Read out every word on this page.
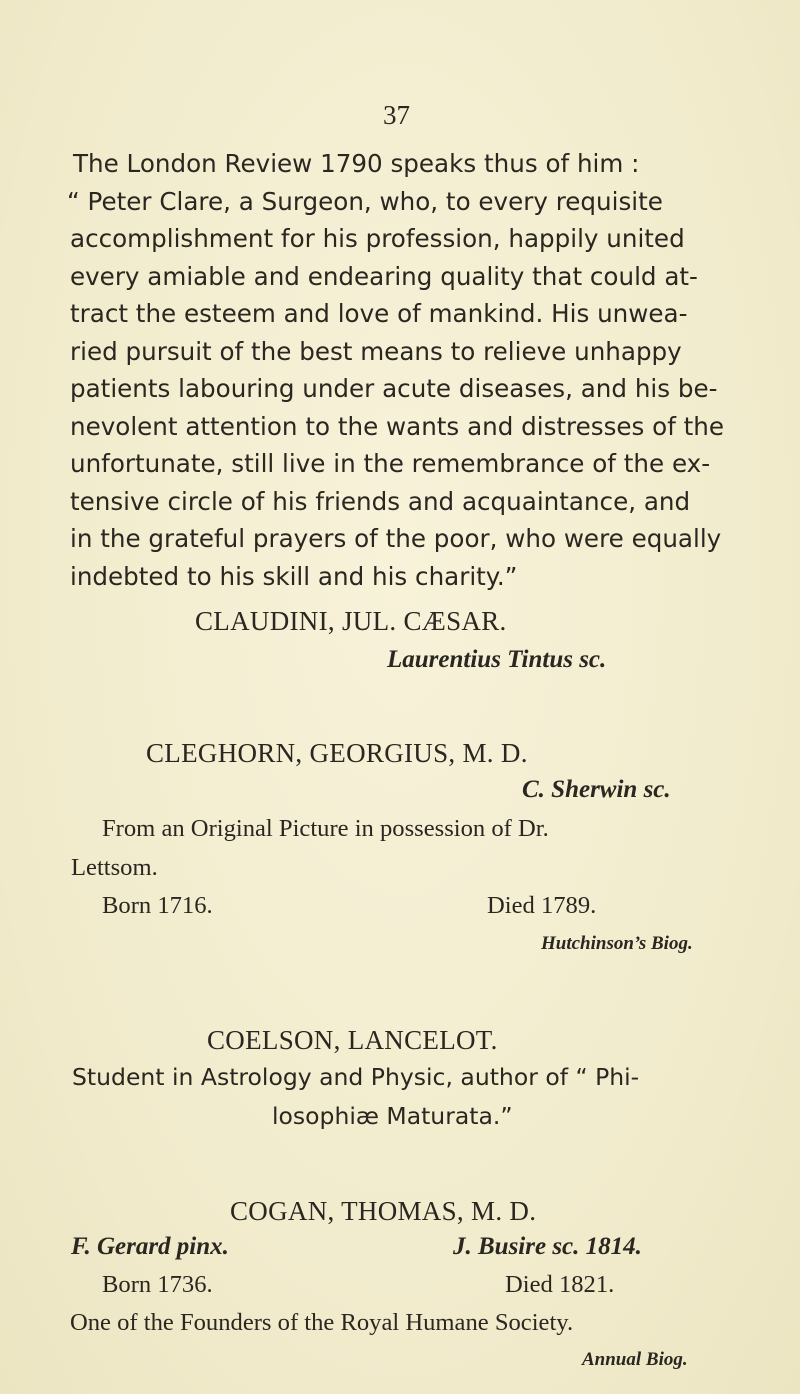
37
The London Review 1790 speaks thus of him :
“ Peter Clare, a Surgeon, who, to every requisite
accomplishment for his profession, happily united
every amiable and endearing quality that could at-
tract the esteem and love of mankind. His unwea-
ried pursuit of the best means to relieve unhappy
patients labouring under acute diseases, and his be-
nevolent attention to the wants and distresses of the
unfortunate, still live in the remembrance of the ex-
tensive circle of his friends and acquaintance, and
in the grateful prayers of the poor, who were equally
indebted to his skill and his charity.”
CLAUDINI, JUL. CÆSAR.
Laurentius Tintus sc.
CLEGHORN, GEORGIUS, M. D.
C. Sherwin sc.
From an Original Picture in possession of Dr.
Lettsom.
Born 1716.	Died 1789.
Hutchinson’s Biog.
COELSON, LANCELOT.
Student in Astrology and Physic, author of “ Phi-
losophiæ Maturata.”
COGAN, THOMAS, M. D.
F. Gerard pinx.	J. Busire sc. 1814.
Born 1736.	Died 1821.
One of the Founders of the Royal Humane Society.
Annual Biog.
